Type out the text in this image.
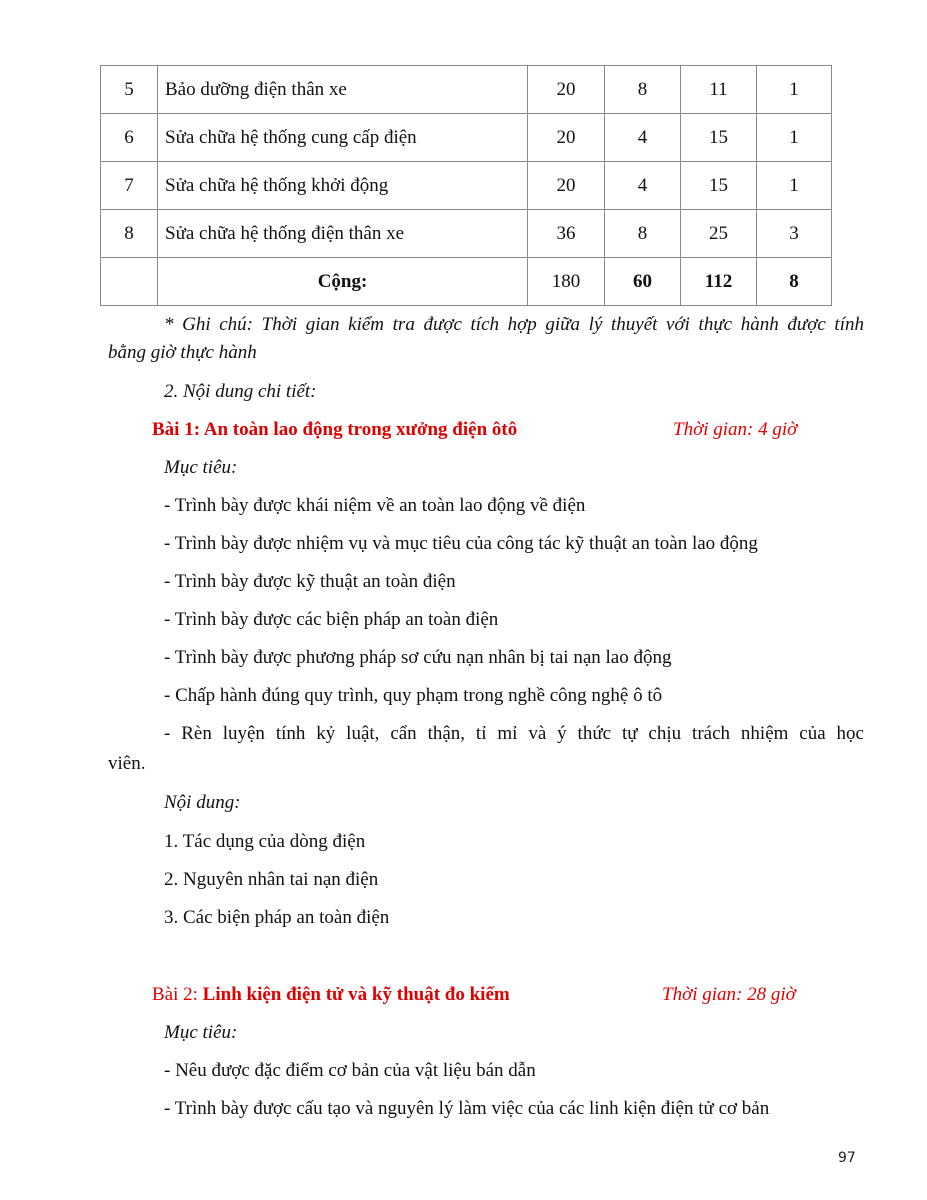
5	Bảo dưỡng điện thân xe	20	8	11	1
6	Sửa chữa hệ thống cung cấp điện	20	4	15	1
7	Sửa chữa hệ thống khởi động	20	4	15	1
8	Sửa chữa hệ thống điện thân xe	36	8	25	3
	Cộng:	180	60	112	8
* Ghi chú: Thời gian kiểm tra được tích hợp giữa lý thuyết với thực hành được tính
bằng giờ thực hành
2. Nội dung chi tiết:
Bài 1: An toàn lao động trong xưởng điện ôtô	Thời gian: 4 giờ
Mục tiêu:
- Trình bày được khái niệm về an toàn lao động về điện
- Trình bày được nhiệm vụ và mục tiêu của công tác kỹ thuật an toàn lao động
- Trình bày được kỹ thuật an toàn điện
- Trình bày được các biện pháp an toàn điện
- Trình bày được phương pháp sơ cứu nạn nhân bị tai nạn lao động
- Chấp hành đúng quy trình, quy phạm trong nghề công nghệ ô tô
- Rèn luyện tính kỷ luật, cẩn thận, tỉ mỉ và ý thức tự chịu trách nhiệm của học
viên.
Nội dung:
1. Tác dụng của dòng điện
2. Nguyên nhân tai nạn điện
3. Các biện pháp an toàn điện
Bài 2: Linh kiện điện tử và kỹ thuật đo kiểm	Thời gian: 28 giờ
Mục tiêu:
- Nêu được đặc điểm cơ bản của vật liệu bán dẫn
- Trình bày được cấu tạo và nguyên lý làm việc của các linh kiện điện tử cơ bản
97
